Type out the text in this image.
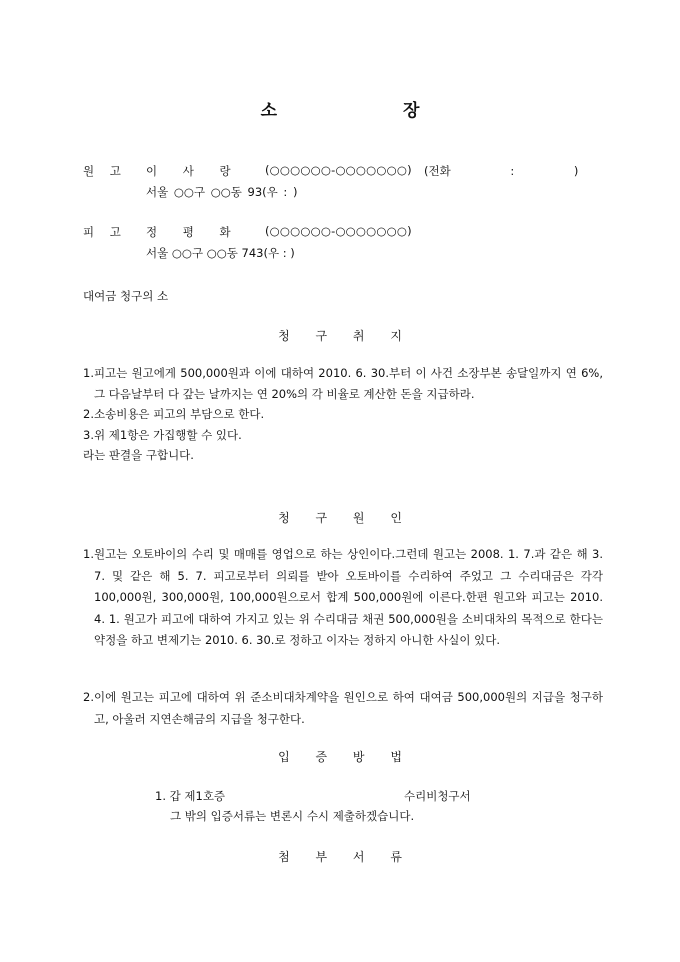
소 장
원 고 이 사 랑	(○○○○○○-○○○○○○○) (전화 : )
서울 ○○구 ○○동 93(우 : )
피 고 정 평 화	(○○○○○○-○○○○○○○)
서울 ○○구 ○○동 743(우 : )
대여금 청구의 소
청 구 취 지
1. 피고는 원고에게 500,000원과 이에 대하여 2010. 6. 30.부터 이 사건 소장부본 송달일까지 연 6%, 그 다음날부터 다 갚는 날까지는 연 20%의 각 비율로 계산한 돈을 지급하라.
2. 소송비용은 피고의 부담으로 한다.
3. 위 제1항은 가집행할 수 있다.
라는 판결을 구합니다.
청 구 원 인
1. 원고는 오토바이의 수리 및 매매를 영업으로 하는 상인이다.그런데 원고는 2008. 1. 7.과 같은 해 3. 7. 및 같은 해 5. 7. 피고로부터 의뢰를 받아 오토바이를 수리하여 주었고 그 수리대금은 각각 100,000원, 300,000원, 100,000원으로서 합계 500,000원에 이른다.한편 원고와 피고는 2010. 4. 1. 원고가 피고에 대하여 가지고 있는 위 수리대금 채권 500,000원을 소비대차의 목적으로 한다는 약정을 하고 변제기는 2010. 6. 30.로 정하고 이자는 정하지 아니한 사실이 있다.
2. 이에 원고는 피고에 대하여 위 준소비대차계약을 원인으로 하여 대여금 500,000원의 지급을 청구하고, 아울러 지연손해금의 지급을 청구한다.
입 증 방 법
1. 갑 제1호증	수리비청구서
그 밖의 입증서류는 변론시 수시 제출하겠습니다.
첨 부 서 류
